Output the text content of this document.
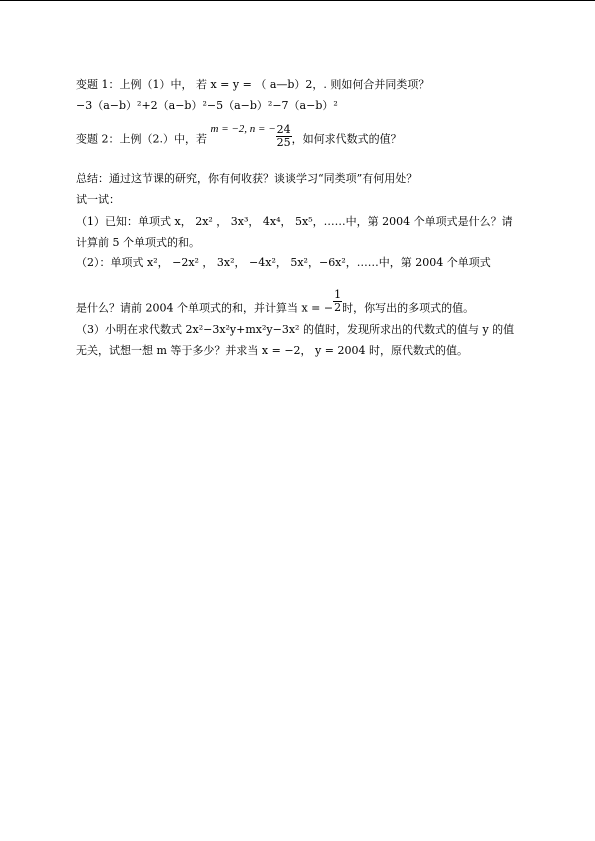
变题 1：上例（1）中， 若 x = y = （ a—b）2，. 则如何合并同类项？
−3（a−b）²+2（a−b）²−5（a−b）²−7（a−b）²
变题 2：上例（2.）中，若 m = −2, n = − $\frac{24}{25}$ ，如何求代数式的值？
总结：通过这节课的研究，你有何收获？谈谈学习“同类项”有何用处？
试一试：
（1）已知：单项式 x， 2x² ， 3x³， 4x⁴， 5x⁵，……中，第 2004 个单项式是什么？请
计算前 5 个单项式的和。
（2）：单项式 x²， −2x² ， 3x²， −4x²， 5x²，−6x²，……中，第 2004 个单项式
是什么？请前 2004 个单项式的和，并计算当 x = − $\frac{1}{2}$ 时，你写出的多项式的值。
（3）小明在求代数式 2x²−3x²y+mx²y−3x² 的值时，发现所求出的代数式的值与 y 的值
无关，试想一想 m 等于多少？并求当 x = −2， y = 2004 时，原代数式的值。
